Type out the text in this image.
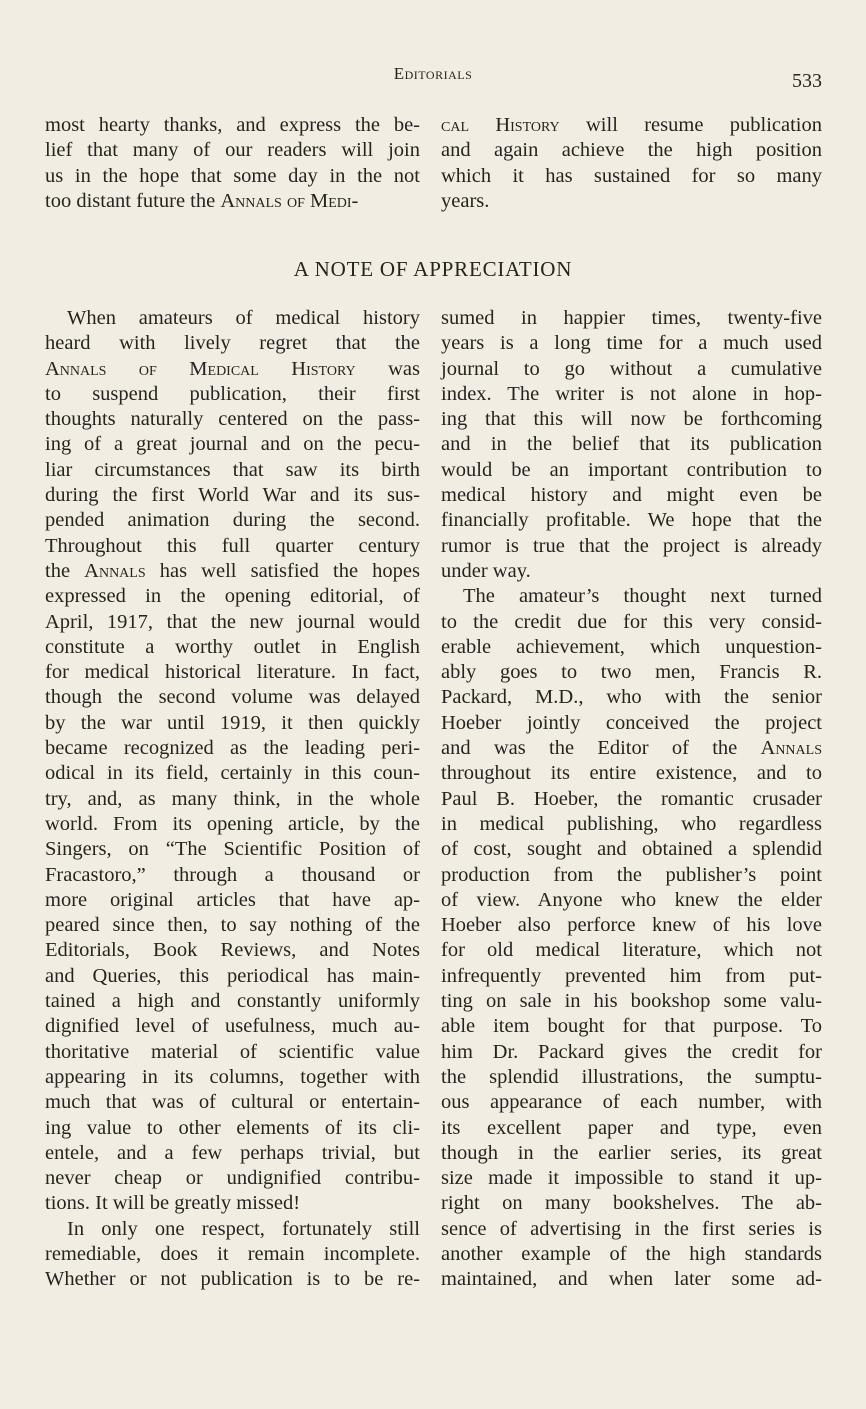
Editorials	533

most hearty thanks, and express the be-

lief that many of our readers will join

us in the hope that some day in the not

too distant future the Annals of Medi-

cal History will resume publication

and again achieve the high position

which it has sustained for so many

years.

A NOTE OF APPRECIATION

When amateurs of medical history

heard with lively regret that the

Annals of Medical History was

to suspend publication, their first

thoughts naturally centered on the pass-

ing of a great journal and on the pecu-

liar circumstances that saw its birth

during the first World War and its sus-

pended animation during the second.

Throughout this full quarter century

the Annals has well satisfied the hopes

expressed in the opening editorial, of

April, 1917, that the new journal would

constitute a worthy outlet in English

for medical historical literature. In fact,

though the second volume was delayed

by the war until 1919, it then quickly

became recognized as the leading peri-

odical in its field, certainly in this coun-

try, and, as many think, in the whole

world. From its opening article, by the

Singers, on “The Scientific Position of

Fracastoro,” through a thousand or

more original articles that have ap-

peared since then, to say nothing of the

Editorials, Book Reviews, and Notes

and Queries, this periodical has main-

tained a high and constantly uniformly

dignified level of usefulness, much au-

thoritative material of scientific value

appearing in its columns, together with

much that was of cultural or entertain-

ing value to other elements of its cli-

entele, and a few perhaps trivial, but

never cheap or undignified contribu-

tions. It will be greatly missed!

In only one respect, fortunately still

remediable, does it remain incomplete.

Whether or not publication is to be re-

sumed in happier times, twenty-five

years is a long time for a much used

journal to go without a cumulative

index. The writer is not alone in hop-

ing that this will now be forthcoming

and in the belief that its publication

would be an important contribution to

medical history and might even be

financially profitable. We hope that the

rumor is true that the project is already

under way.

The amateur’s thought next turned

to the credit due for this very consid-

erable achievement, which unquestion-

ably goes to two men, Francis R.

Packard, M.D., who with the senior

Hoeber jointly conceived the project

and was the Editor of the Annals

throughout its entire existence, and to

Paul B. Hoeber, the romantic crusader

in medical publishing, who regardless

of cost, sought and obtained a splendid

production from the publisher’s point

of view. Anyone who knew the elder

Hoeber also perforce knew of his love

for old medical literature, which not

infrequently prevented him from put-

ting on sale in his bookshop some valu-

able item bought for that purpose. To

him Dr. Packard gives the credit for

the splendid illustrations, the sumptu-

ous appearance of each number, with

its excellent paper and type, even

though in the earlier series, its great

size made it impossible to stand it up-

right on many bookshelves. The ab-

sence of advertising in the first series is

another example of the high standards

maintained, and when later some ad-
